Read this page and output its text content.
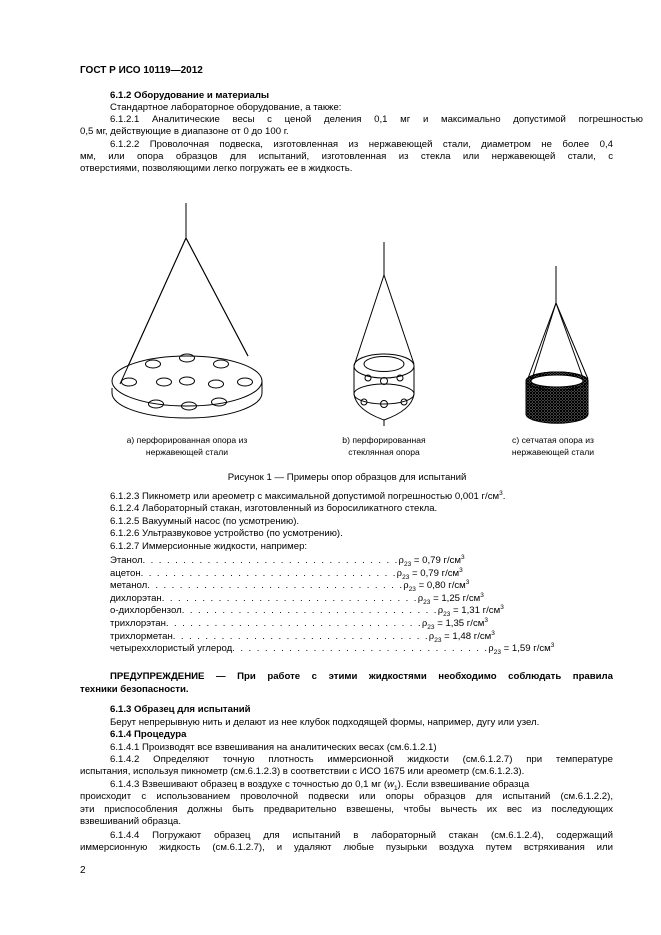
ГОСТ Р ИСО 10119—2012
6.1.2 Оборудование и материалы
Стандартное лабораторное оборудование, а также:
6.1.2.1 Аналитические весы с ценой деления 0,1 мг и максимально допустимой погрешностью
0,5 мг, действующие в диапазоне от 0 до 100 г.
6.1.2.2 Проволочная подвеска, изготовленная из нержавеющей стали, диаметром не более 0,4
мм, или опора образцов для испытаний, изготовленная из стекла или нержавеющей стали, с
отверстиями, позволяющими легко погружать ее в жидкость.
а) перфорированная опора из
нержавеющей стали
b) перфорированная
стеклянная опора
с) сетчатая опора из
нержавеющей стали
Рисунок 1 — Примеры опор образцов для испытаний
6.1.2.3 Пикнометр или ареометр с максимальной допустимой погрешностью 0,001 $г/см^3$.
6.1.2.4 Лабораторный стакан, изготовленный из боросиликатного стекла.
6.1.2.5 Вакуумный насос (по усмотрению).
6.1.2.6 Ультразвуковое устройство (по усмотрению).
6.1.2.7 Иммерсионные жидкости, например:
Этанол . . . . . . . . . . . . . . . . . . . . . . . . . . . . . . . . $\rho_{23} = 0,79$ $г/см^3$
ацетон . . . . . . . . . . . . . . . . . . . . . . . . . . . . . . . . $\rho_{23} = 0,79$ $г/см^3$
метанол . . . . . . . . . . . . . . . . . . . . . . . . . . . . . . . . $\rho_{23} = 0,80$ $г/см^3$
дихлорэтан . . . . . . . . . . . . . . . . . . . . . . . . . . . . . . . . $\rho_{23} = 1,25$ $г/см^3$
о-дихлорбензол . . . . . . . . . . . . . . . . . . . . . . . . . . . . . . . . $\rho_{23} = 1,31$ $г/см^3$
трихлорэтан . . . . . . . . . . . . . . . . . . . . . . . . . . . . . . . . $\rho_{23} = 1,35$ $г/см^3$
трихлорметан . . . . . . . . . . . . . . . . . . . . . . . . . . . . . . . . $\rho_{23} = 1,48$ $г/см^3$
четыреххлористый углерод . . . . . . . . . . . . . . . . . . . . . . . . . . . . . . . . $\rho_{23} = 1,59$ $г/см^3$
ПРЕДУПРЕЖДЕНИЕ — При работе с этими жидкостями необходимо соблюдать правила
техники безопасности.
6.1.3 Образец для испытаний
Берут непрерывную нить и делают из нее клубок подходящей формы, например, дугу или узел.
6.1.4 Процедура
6.1.4.1 Производят все взвешивания на аналитических весах (см.6.1.2.1)
6.1.4.2 Определяют точную плотность иммерсионной жидкости (см.6.1.2.7) при температуре
испытания, используя пикнометр (см.6.1.2.3) в соответствии с ИСО 1675 или ареометр (см.6.1.2.3).
6.1.4.3 Взвешивают образец в воздухе с точностью до 0,1 мг $(w_1)$. Если взвешивание образца
происходит с использованием проволочной подвески или опоры образцов для испытаний (см.6.1.2.2),
эти приспособления должны быть предварительно взвешены, чтобы вычесть их вес из последующих
взвешиваний образца.
6.1.4.4 Погружают образец для испытаний в лабораторный стакан (см.6.1.2.4), содержащий
иммерсионную жидкость (см.6.1.2.7), и удаляют любые пузырьки воздуха путем встряхивания или
2
